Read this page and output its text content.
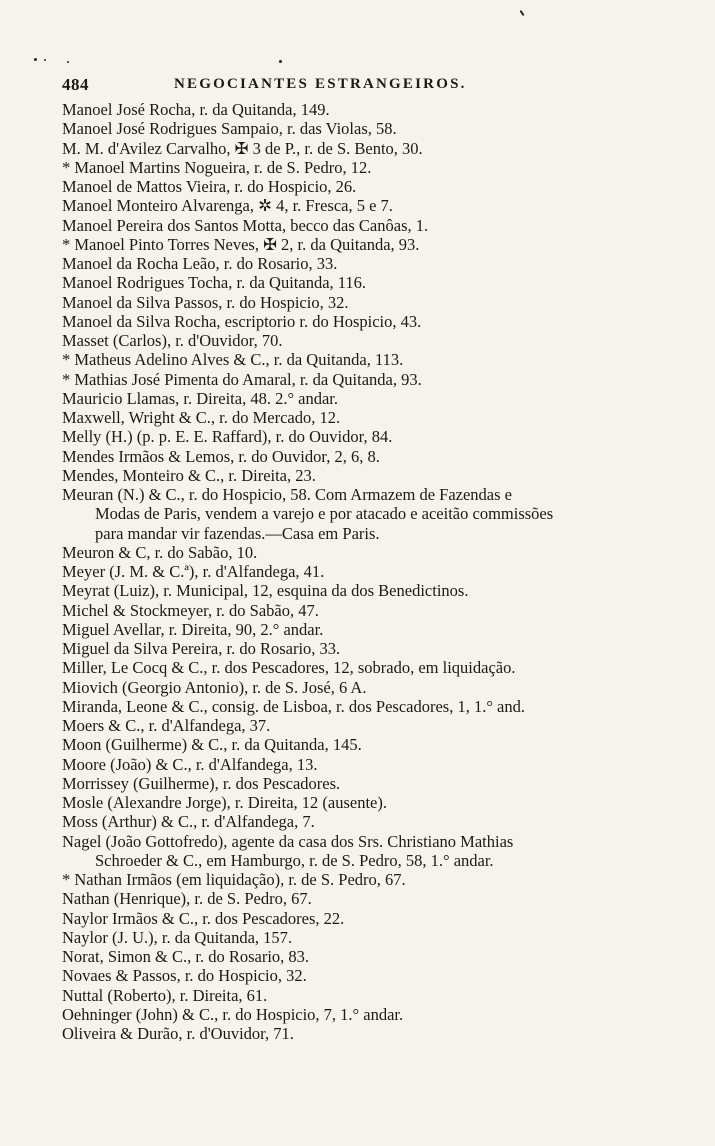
484	NEGOCIANTES ESTRANGEIROS.
Manoel José Rocha, r. da Quitanda, 149.
Manoel José Rodrigues Sampaio, r. das Violas, 58.
M. M. d'Avilez Carvalho, ✠ 3 de P., r. de S. Bento, 30.
* Manoel Martins Nogueira, r. de S. Pedro, 12.
Manoel de Mattos Vieira, r. do Hospicio, 26.
Manoel Monteiro Alvarenga, ✲ 4, r. Fresca, 5 e 7.
Manoel Pereira dos Santos Motta, becco das Canôas, 1.
* Manoel Pinto Torres Neves, ✠ 2, r. da Quitanda, 93.
Manoel da Rocha Leão, r. do Rosario, 33.
Manoel Rodrigues Tocha, r. da Quitanda, 116.
Manoel da Silva Passos, r. do Hospicio, 32.
Manoel da Silva Rocha, escriptorio r. do Hospicio, 43.
Masset (Carlos), r. d'Ouvidor, 70.
* Matheus Adelino Alves & C., r. da Quitanda, 113.
* Mathias José Pimenta do Amaral, r. da Quitanda, 93.
Mauricio Llamas, r. Direita, 48. 2.° andar.
Maxwell, Wright & C., r. do Mercado, 12.
Melly (H.) (p. p. E. E. Raffard), r. do Ouvidor, 84.
Mendes Irmãos & Lemos, r. do Ouvidor, 2, 6, 8.
Mendes, Monteiro & C., r. Direita, 23.
Meuran (N.) & C., r. do Hospicio, 58. Com Armazem de Fazendas e
Modas de Paris, vendem a varejo e por atacado e aceitão commissões
para mandar vir fazendas.—Casa em Paris.
Meuron & C, r. do Sabão, 10.
Meyer (J. M. & C.ª), r. d'Alfandega, 41.
Meyrat (Luiz), r. Municipal, 12, esquina da dos Benedictinos.
Michel & Stockmeyer, r. do Sabão, 47.
Miguel Avellar, r. Direita, 90, 2.° andar.
Miguel da Silva Pereira, r. do Rosario, 33.
Miller, Le Cocq & C., r. dos Pescadores, 12, sobrado, em liquidação.
Miovich (Georgio Antonio), r. de S. José, 6 A.
Miranda, Leone & C., consig. de Lisboa, r. dos Pescadores, 1, 1.° and.
Moers & C., r. d'Alfandega, 37.
Moon (Guilherme) & C., r. da Quitanda, 145.
Moore (João) & C., r. d'Alfandega, 13.
Morrissey (Guilherme), r. dos Pescadores.
Mosle (Alexandre Jorge), r. Direita, 12 (ausente).
Moss (Arthur) & C., r. d'Alfandega, 7.
Nagel (João Gottofredo), agente da casa dos Srs. Christiano Mathias
Schroeder & C., em Hamburgo, r. de S. Pedro, 58, 1.° andar.
* Nathan Irmãos (em liquidação), r. de S. Pedro, 67.
Nathan (Henrique), r. de S. Pedro, 67.
Naylor Irmãos & C., r. dos Pescadores, 22.
Naylor (J. U.), r. da Quitanda, 157.
Norat, Simon & C., r. do Rosario, 83.
Novaes & Passos, r. do Hospicio, 32.
Nuttal (Roberto), r. Direita, 61.
Oehninger (John) & C., r. do Hospicio, 7, 1.° andar.
Oliveira & Durão, r. d'Ouvidor, 71.
